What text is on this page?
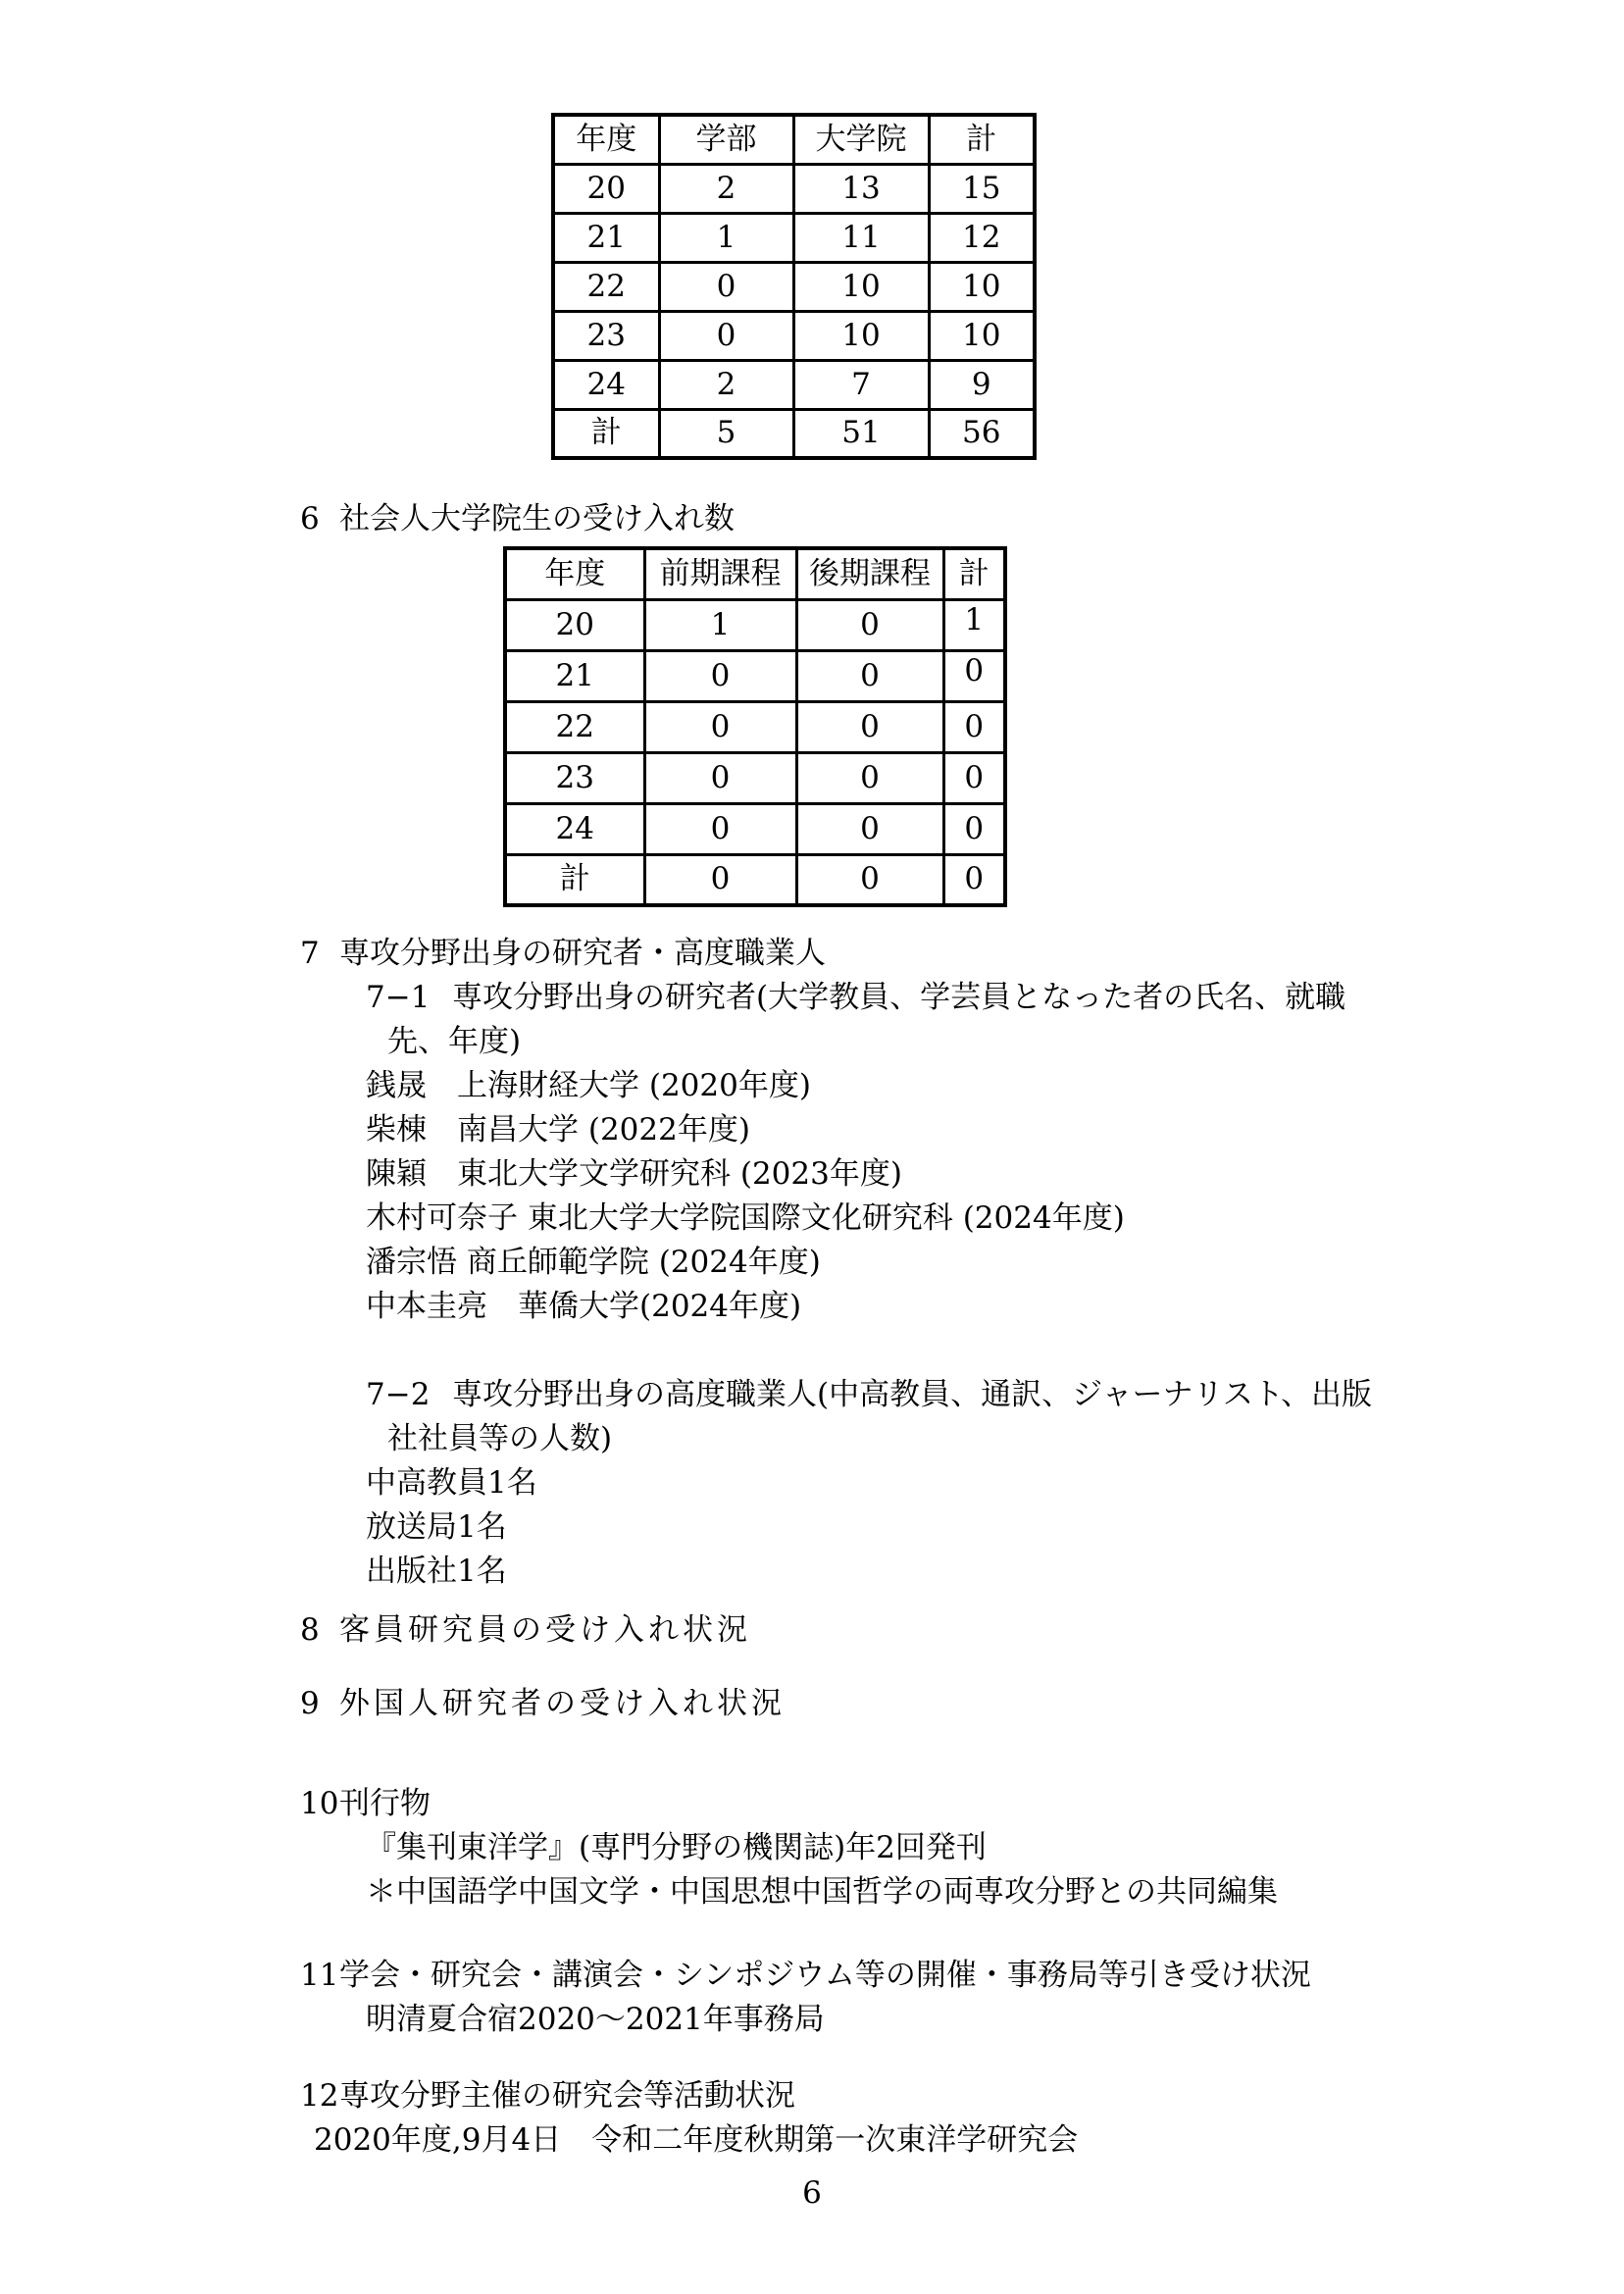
年度	学部	大学院	計
20	2	13	15
21	1	11	12
22	0	10	10
23	0	10	10
24	2	7	9
計	5	51	56
6 社会人大学院生の受け入れ数
年度	前期課程	後期課程	計
20	1	0	1
21	0	0	0
22	0	0	0
23	0	0	0
24	0	0	0
計	0	0	0
7 専攻分野出身の研究者・高度職業人
7−1 専攻分野出身の研究者(大学教員、学芸員となった者の氏名、就職
先、年度)
銭晟　上海財経大学 (2020年度)
柴棟　南昌大学 (2022年度)
陳穎　東北大学文学研究科 (2023年度)
木村可奈子 東北大学大学院国際文化研究科 (2024年度)
潘宗悟 商丘師範学院 (2024年度)
中本圭亮　華僑大学(2024年度)
7−2 専攻分野出身の高度職業人(中高教員、通訳、ジャーナリスト、出版
社社員等の人数)
中高教員1名
放送局1名
出版社1名
8 客員研究員の受け入れ状況
9 外国人研究者の受け入れ状況
10刊行物
『集刊東洋学』(専門分野の機関誌)年2回発刊
＊中国語学中国文学・中国思想中国哲学の両専攻分野との共同編集
11学会・研究会・講演会・シンポジウム等の開催・事務局等引き受け状況
明清夏合宿2020〜2021年事務局
12専攻分野主催の研究会等活動状況
2020年度,9月4日　令和二年度秋期第一次東洋学研究会
6
